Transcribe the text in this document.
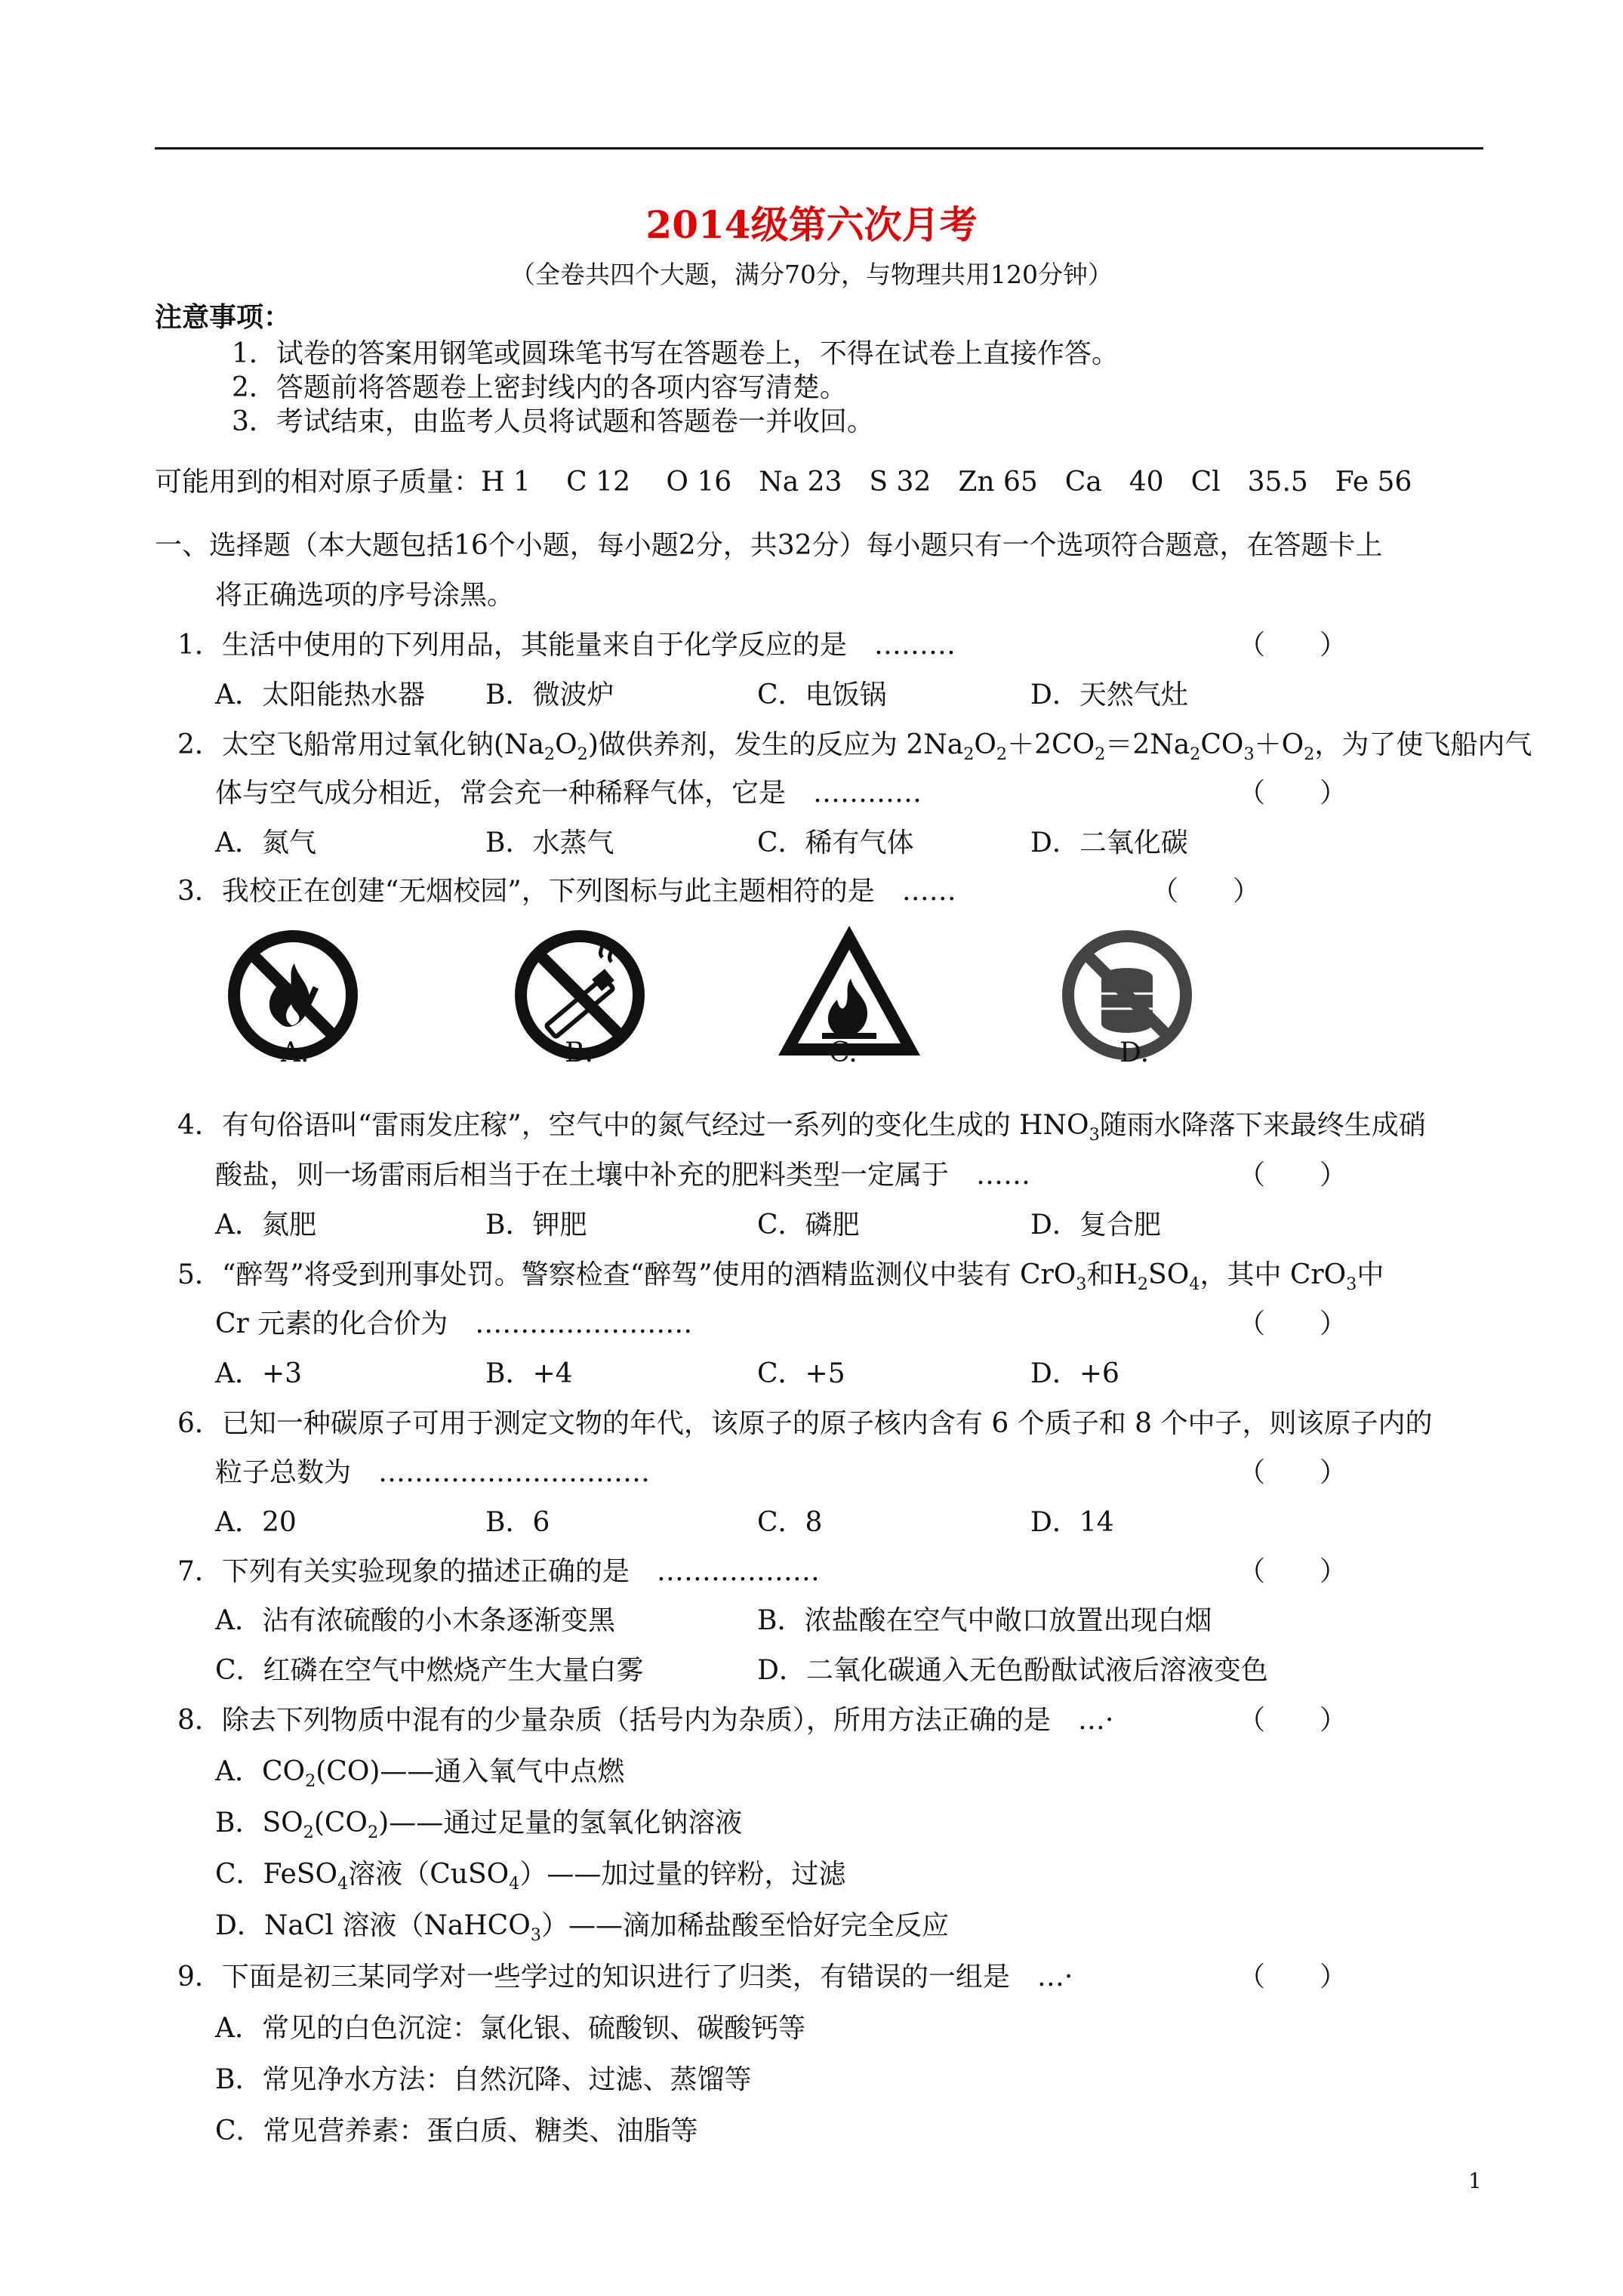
2014级第六次月考
（全卷共四个大题，满分70分，与物理共用120分钟）
注意事项：
1．试卷的答案用钢笔或圆珠笔书写在答题卷上，不得在试卷上直接作答。
2．答题前将答题卷上密封线内的各项内容写清楚。
3．考试结束，由监考人员将试题和答题卷一并收回。
可能用到的相对原子质量：H 1　 C 12　 O 16　Na 23　S 32　Zn 65　Ca　40　Cl　35.5　Fe 56
一、选择题（本大题包括16个小题，每小题2分，共32分）每小题只有一个选项符合题意，在答题卡上
将正确选项的序号涂黑。
1．生活中使用的下列用品，其能量来自于化学反应的是　………	（　　）
A．太阳能热水器 B．微波炉	C．电饭锅	D．天然气灶
2．太空飞船常用过氧化钠$(Na_2O_2)$做供养剂，发生的反应为 $2Na_2O_2+2CO_2=2Na_2CO_3+O_2$，为了使飞船内气
体与空气成分相近，常会充一种稀释气体，它是　…………	（　　）
A．氮气	B．水蒸气	C．稀有气体	D．二氧化碳
3．我校正在创建“无烟校园”，下列图标与此主题相符的是　……	（　　）
A.	B.	C.	D.
4．有句俗语叫“雷雨发庄稼”，空气中的氮气经过一系列的变化生成的 $HNO_3$随雨水降落下来最终生成硝
酸盐，则一场雷雨后相当于在土壤中补充的肥料类型一定属于　……	（　　）
A．氮肥	B．钾肥	C．磷肥	D．复合肥
5．“醉驾”将受到刑事处罚。警察检查“醉驾”使用的酒精监测仪中装有 CrO$_3$和$H_2SO_4$，其中 CrO$_3$中
Cr 元素的化合价为　……………………	（　　）
A．+3	B．+4	C．+5	D．+6
6．已知一种碳原子可用于测定文物的年代，该原子的原子核内含有 6 个质子和 8 个中子，则该原子内的
粒子总数为　…………………………	（　　）
A．20	B．6	C．8	D．14
7．下列有关实验现象的描述正确的是　………………	（　　）
A．沾有浓硫酸的小木条逐渐变黑	B．浓盐酸在空气中敞口放置出现白烟
C．红磷在空气中燃烧产生大量白雾	D．二氧化碳通入无色酚酞试液后溶液变色
8．除去下列物质中混有的少量杂质（括号内为杂质），所用方法正确的是　…·	（　　）
A．$CO_2(CO)——$通入氧气中点燃
B．$SO_2(CO_2)——$通过足量的氢氧化钠溶液
C．FeSO$_4$溶液（CuSO$_4$）——加过量的锌粉，过滤
D．NaCl 溶液（NaHCO$_3$）——滴加稀盐酸至恰好完全反应
9．下面是初三某同学对一些学过的知识进行了归类，有错误的一组是　…·	（　　）
A．常见的白色沉淀：氯化银、硫酸钡、碳酸钙等
B．常见净水方法：自然沉降、过滤、蒸馏等
C．常见营养素：蛋白质、糖类、油脂等
1
